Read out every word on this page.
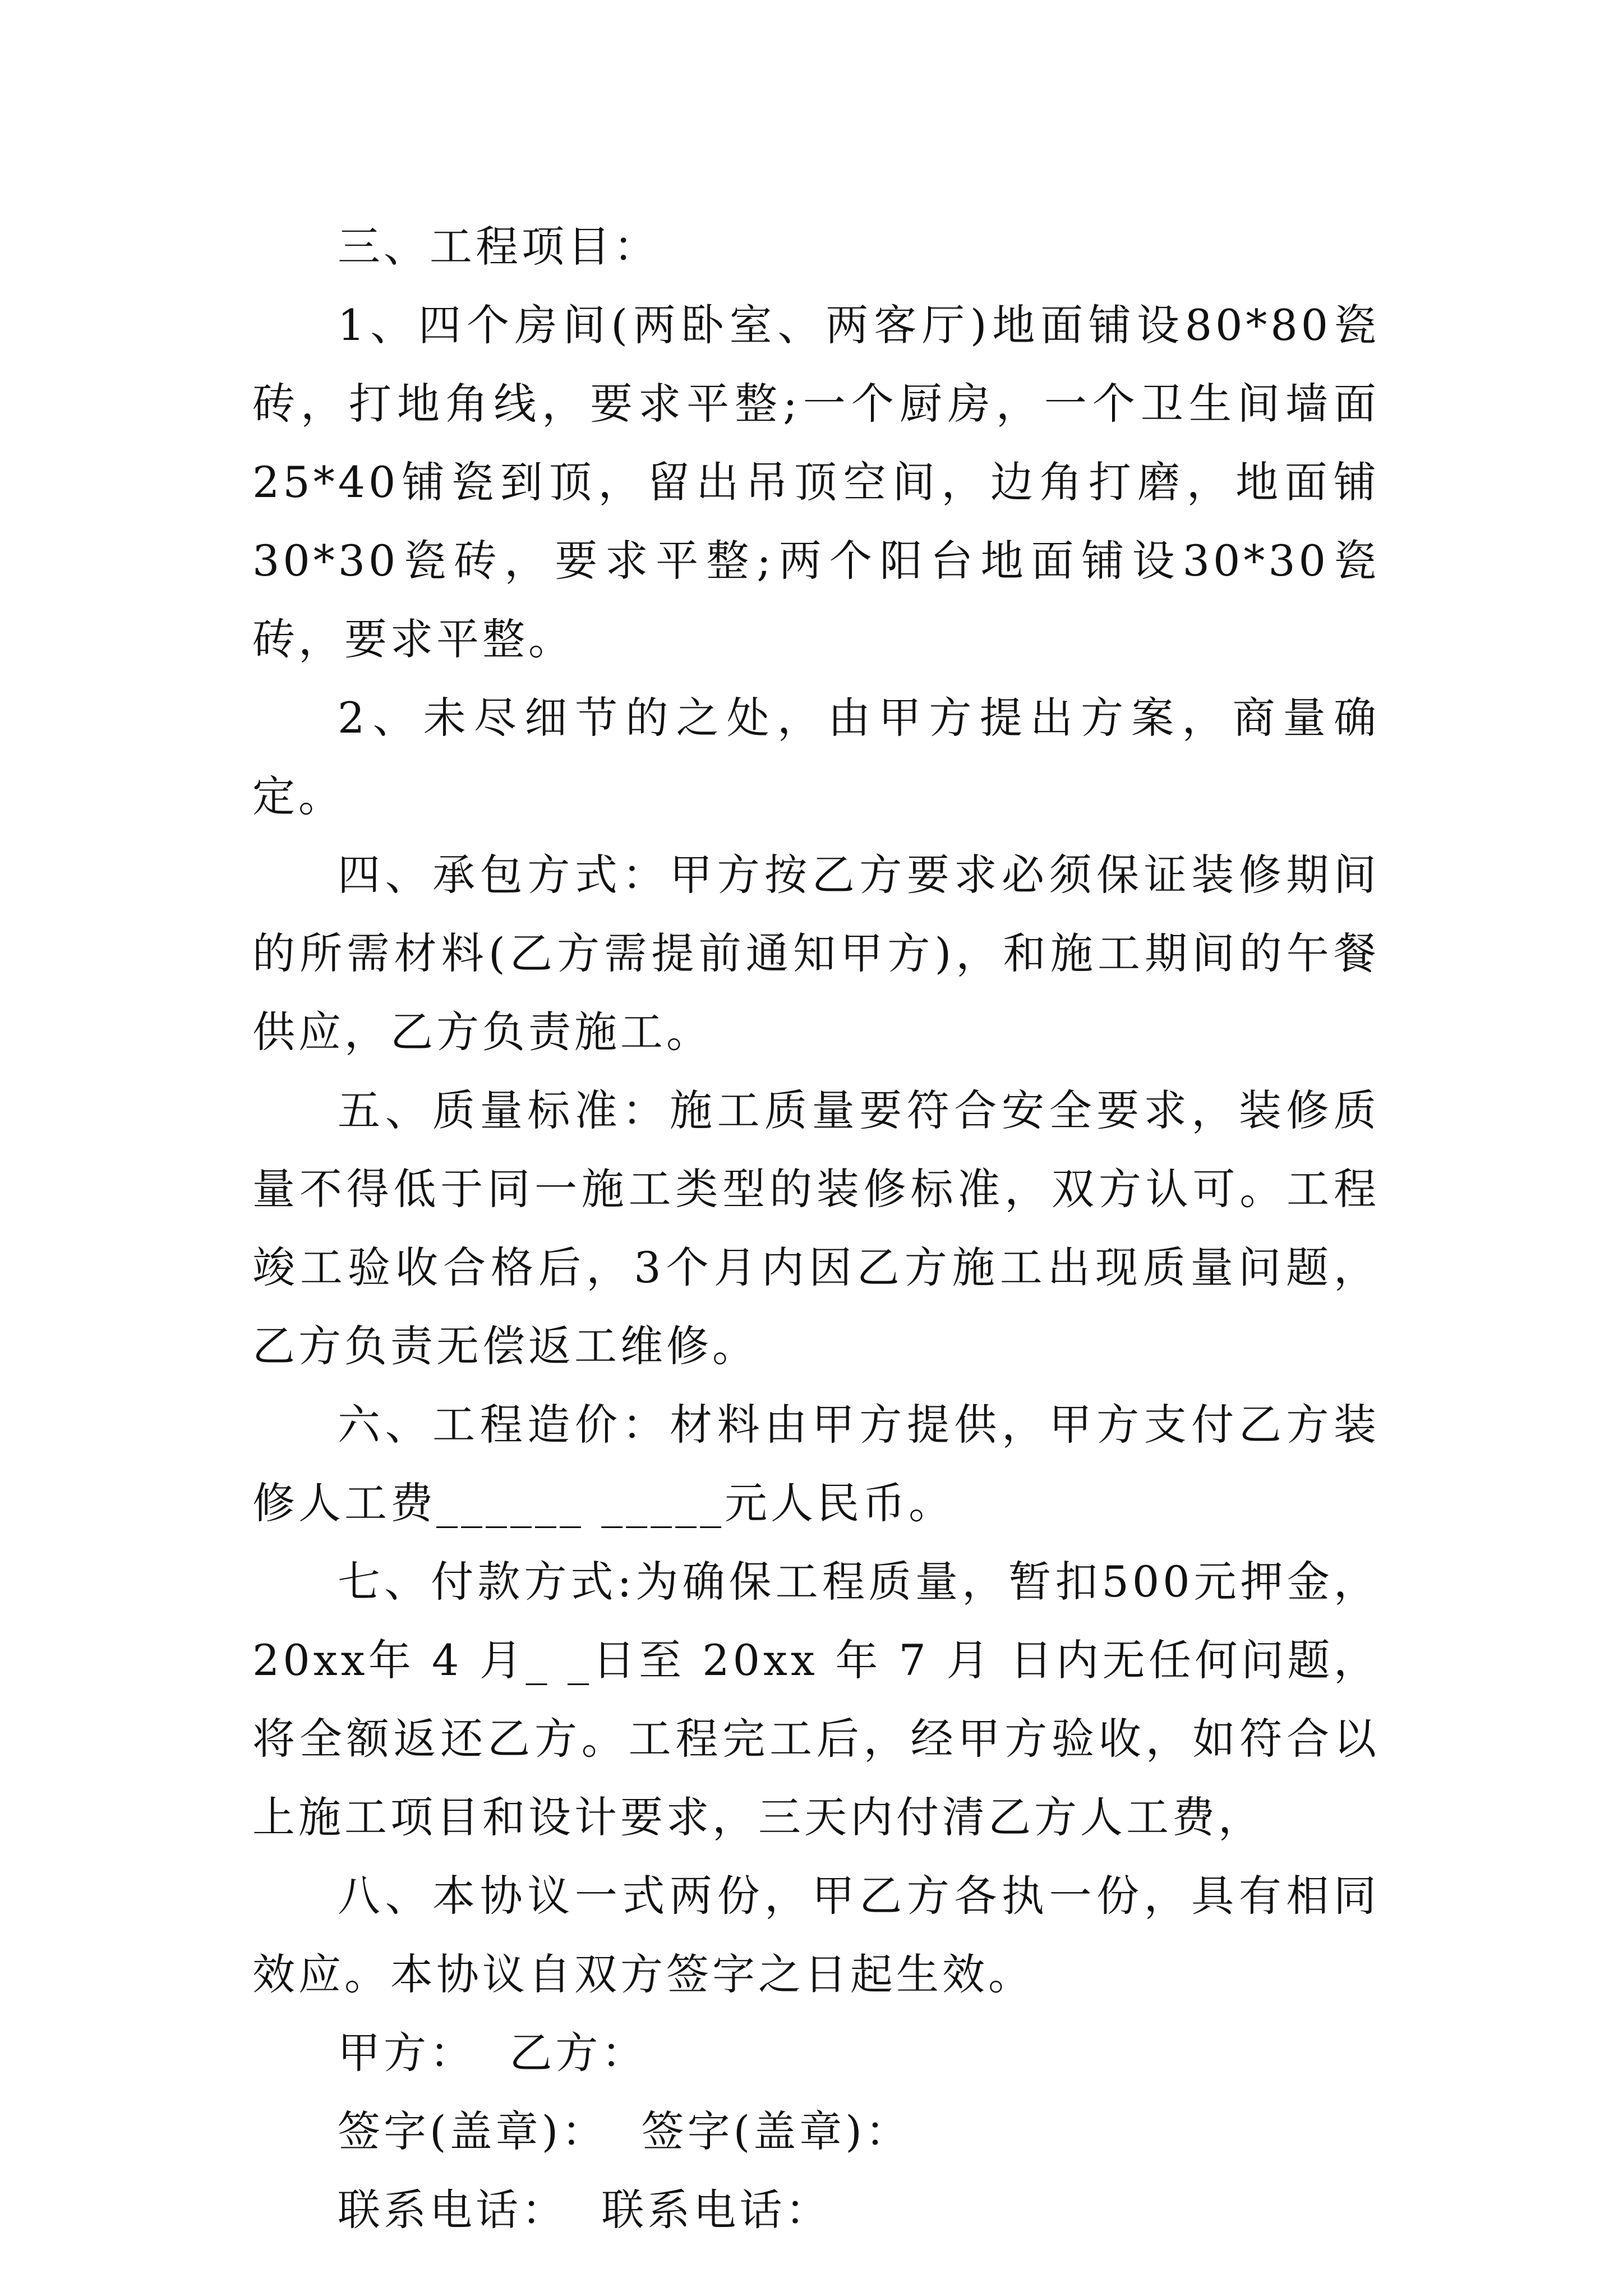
三、工程项目：

1、四个房间(两卧室、两客厅)地面铺设80*80瓷砖，打地角线，要求平整;一个厨房，一个卫生间墙面25*40铺瓷到顶，留出吊顶空间，边角打磨，地面铺30*30瓷砖，要求平整;两个阳台地面铺设30*30瓷砖，要求平整。

2、未尽细节的之处，由甲方提出方案，商量确定。

四、承包方式：甲方按乙方要求必须保证装修期间的所需材料(乙方需提前通知甲方)，和施工期间的午餐供应，乙方负责施工。

五、质量标准：施工质量要符合安全要求，装修质量不得低于同一施工类型的装修标准，双方认可。工程竣工验收合格后，3个月内因乙方施工出现质量问题，乙方负责无偿返工维修。

六、工程造价：材料由甲方提供，甲方支付乙方装修人工费______ _____元人民币。

七、付款方式:为确保工程质量，暂扣500元押金，20xx年 4 月_ _日至 20xx 年 7 月 日内无任何问题，将全额返还乙方。工程完工后，经甲方验收，如符合以上施工项目和设计要求，三天内付清乙方人工费，

八、本协议一式两份，甲乙方各执一份，具有相同效应。本协议自双方签字之日起生效。

甲方：  乙方：

签字(盖章)：  签字(盖章)：

联系电话：  联系电话：
